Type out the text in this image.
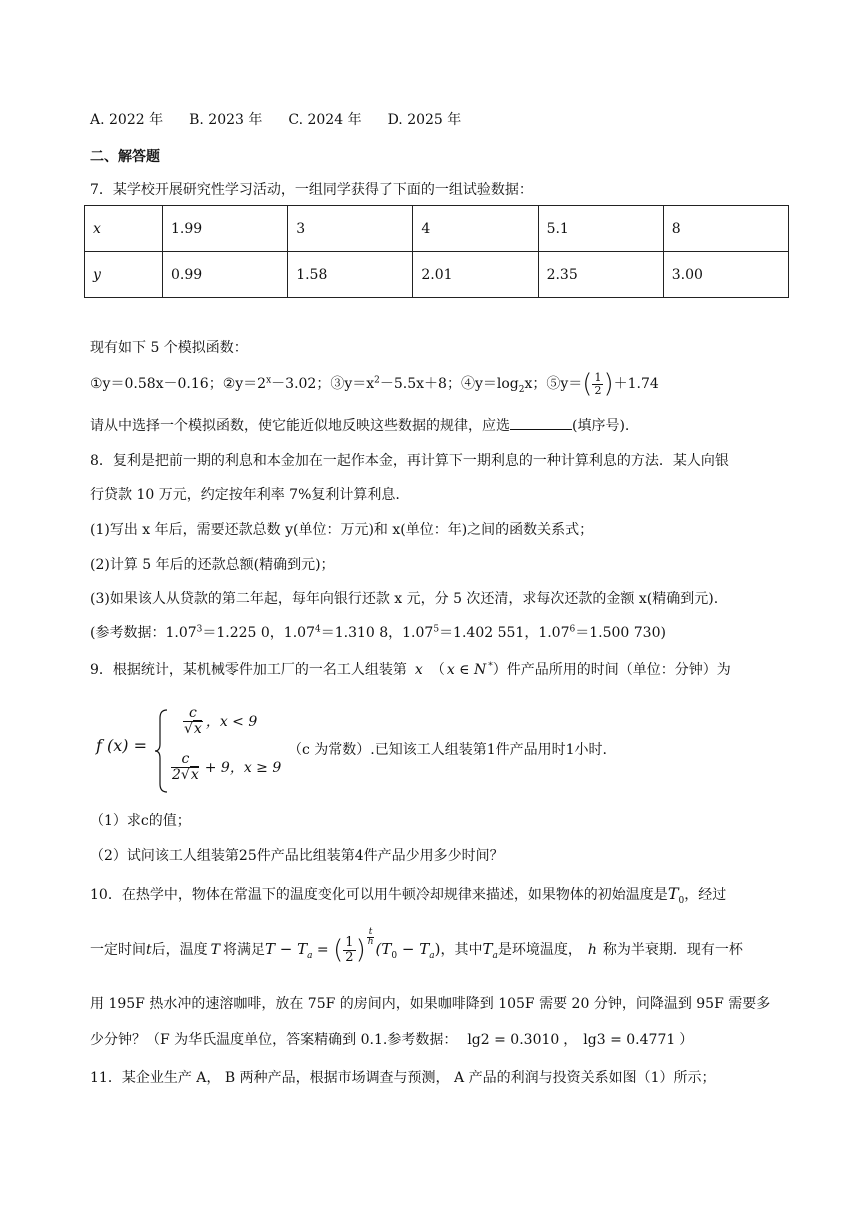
A. 2022 年 B. 2023 年 C. 2024 年 D. 2025 年
二、解答题
7．某学校开展研究性学习活动，一组同学获得了下面的一组试验数据：
x	1.99	3	4	5.1	8
y	0.99	1.58	2.01	2.35	3.00
现有如下 5 个模拟函数：
①y＝0.58x－0.16；$②y=2^x-3.02$；$③y=x^2-5.5x+8$；$④y=\log_2x$；⑤y＝( $\frac{1}{2} )+1.74$
请从中选择一个模拟函数，使它能近似地反映这些数据的规律，应选	(填序号).
8．复利是把前一期的利息和本金加在一起作本金，再计算下一期利息的一种计算利息的方法．某人向银
行贷款 10 万元，约定按年利率 7%复利计算利息.
(1)写出 x 年后，需要还款总数 y(单位：万元)和 x(单位：年)之间的函数关系式；
(2)计算 5 年后的还款总额(精确到元)；
(3)如果该人从贷款的第二年起，每年向银行还款 x 元，分 5 次还清，求每次还款的金额 x(精确到元).
(参考数据：$1.07^3=1.225$ 0，$1.07^4=1.310$ 8，$1.07^5=1.402$ 551，$1.07^6=1.500$ 730)
9．根据统计，某机械零件加工厂的一名工人组装第 x （ x ∈ N *）件产品所用的时间（单位：分钟）为
f (x) =
$\frac{c}{√x}$ ，x < 9
$\frac{c}{2√x} + 9$，x ≥ 9
（c 为常数）.已知该工人组装第1件产品用时1小时.
（1）求c的值；
（2）试问该工人组装第25件产品比组装第4件产品少用多少时间？
10．在热学中，物体在常温下的温度变化可以用牛顿冷却规律来描述，如果物体的初始温度是$T_0$，经过
一定时间t后，温度 T 将满足$T - T_a$ = ( $\frac{1}{2}$ ) $^{\frac{t}{h}}$
$(T_0 - T_a)$，其中$T_a$是环境温度， h 称为半衰期．现有一杯
用 195F 热水冲的速溶咖啡，放在 75F 的房间内，如果咖啡降到 105F 需要 20 分钟，问降温到 95F 需要多
少分钟？（F 为华氏温度单位，答案精确到 0.1.参考数据： lg2 = 0.3010 ， lg3 = 0.4771 ）
11．某企业生产 A， B 两种产品，根据市场调查与预测， A 产品的利润与投资关系如图（1）所示；
